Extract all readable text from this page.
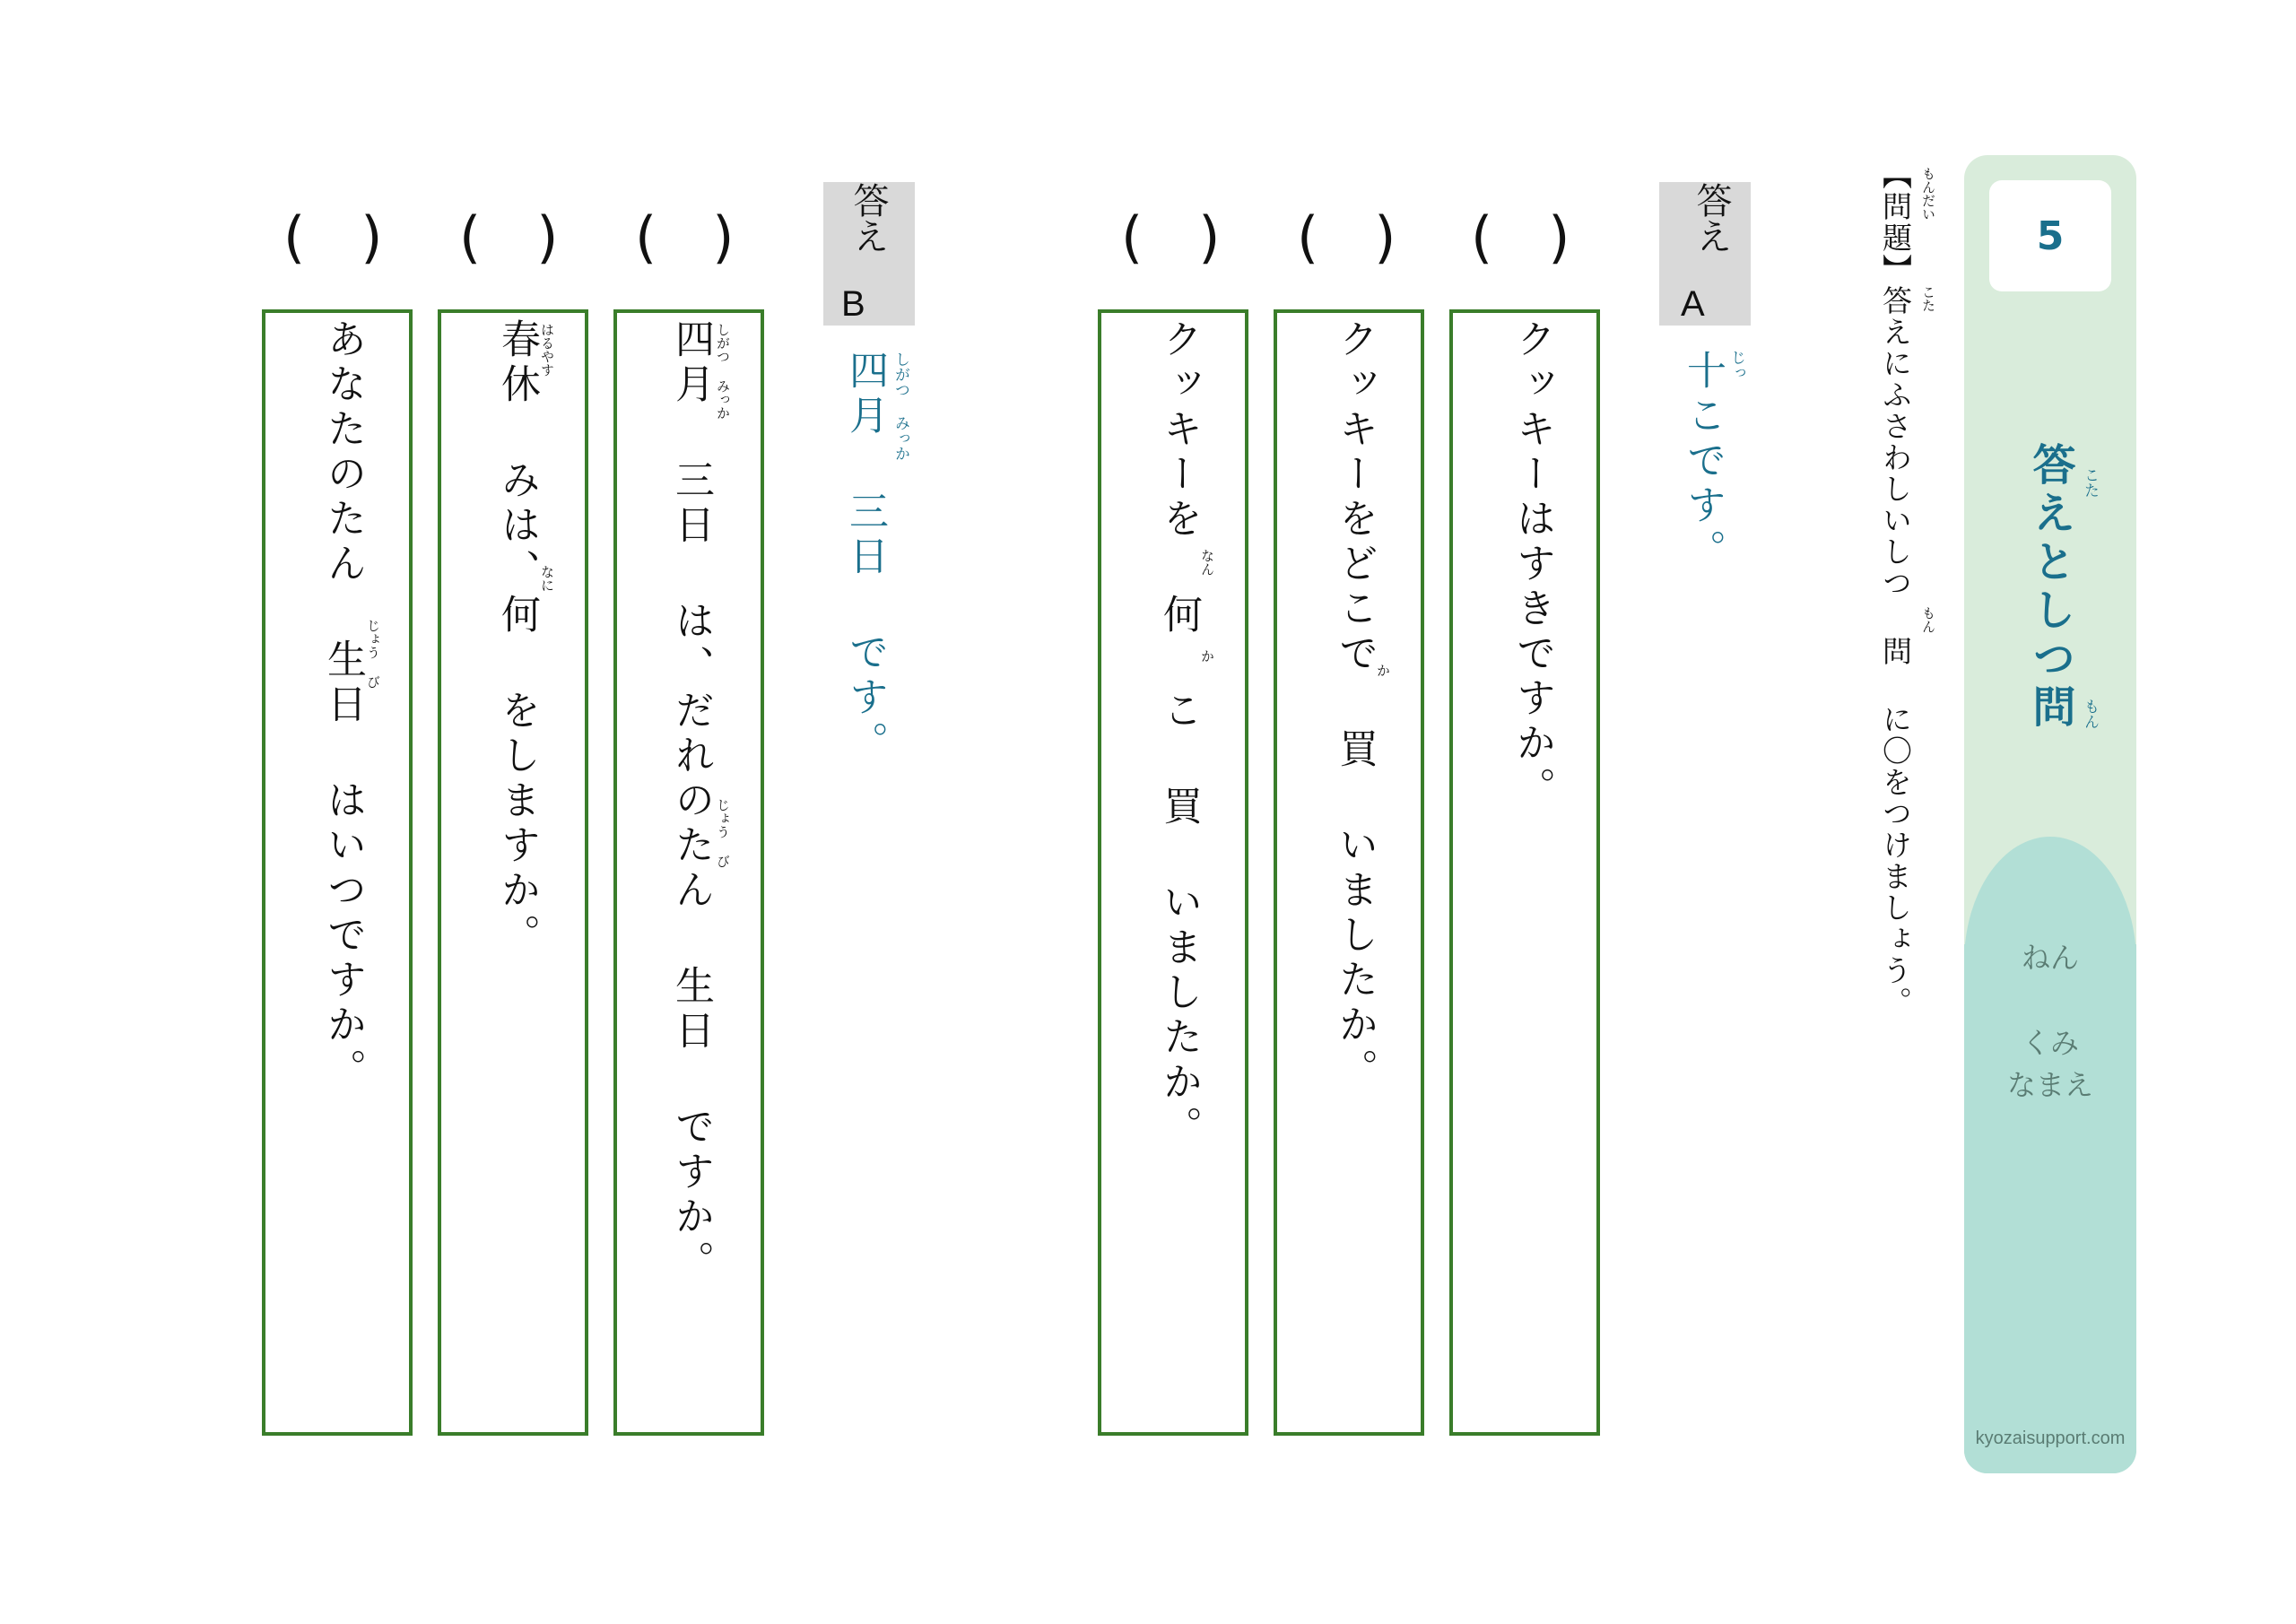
5
答えとしつ問 こた
もん
ねん
くみ
なまえ
kyozaisupport.com
【問題】答えにふさわしいしつ 問 に〇をつけましょう。 もんだい
こた
もん
答え
A
十こです。 じっ
(　) (　) (　)
クッキーはすきですか。
クッキーをどこで 買 いましたか。
か
クッキーを 何 こ 買 いましたか。
なん
か
答え
B
四月 三日 です。 しがつ みっか
(　) (　) (　)
四月 三日 は、だれのたん 生日 ですか。 しがつ みっか
じょう び
春休 みは、何 をしますか。 はるやす
なに
あなたのたん 生日 はいつですか。 じょう び
